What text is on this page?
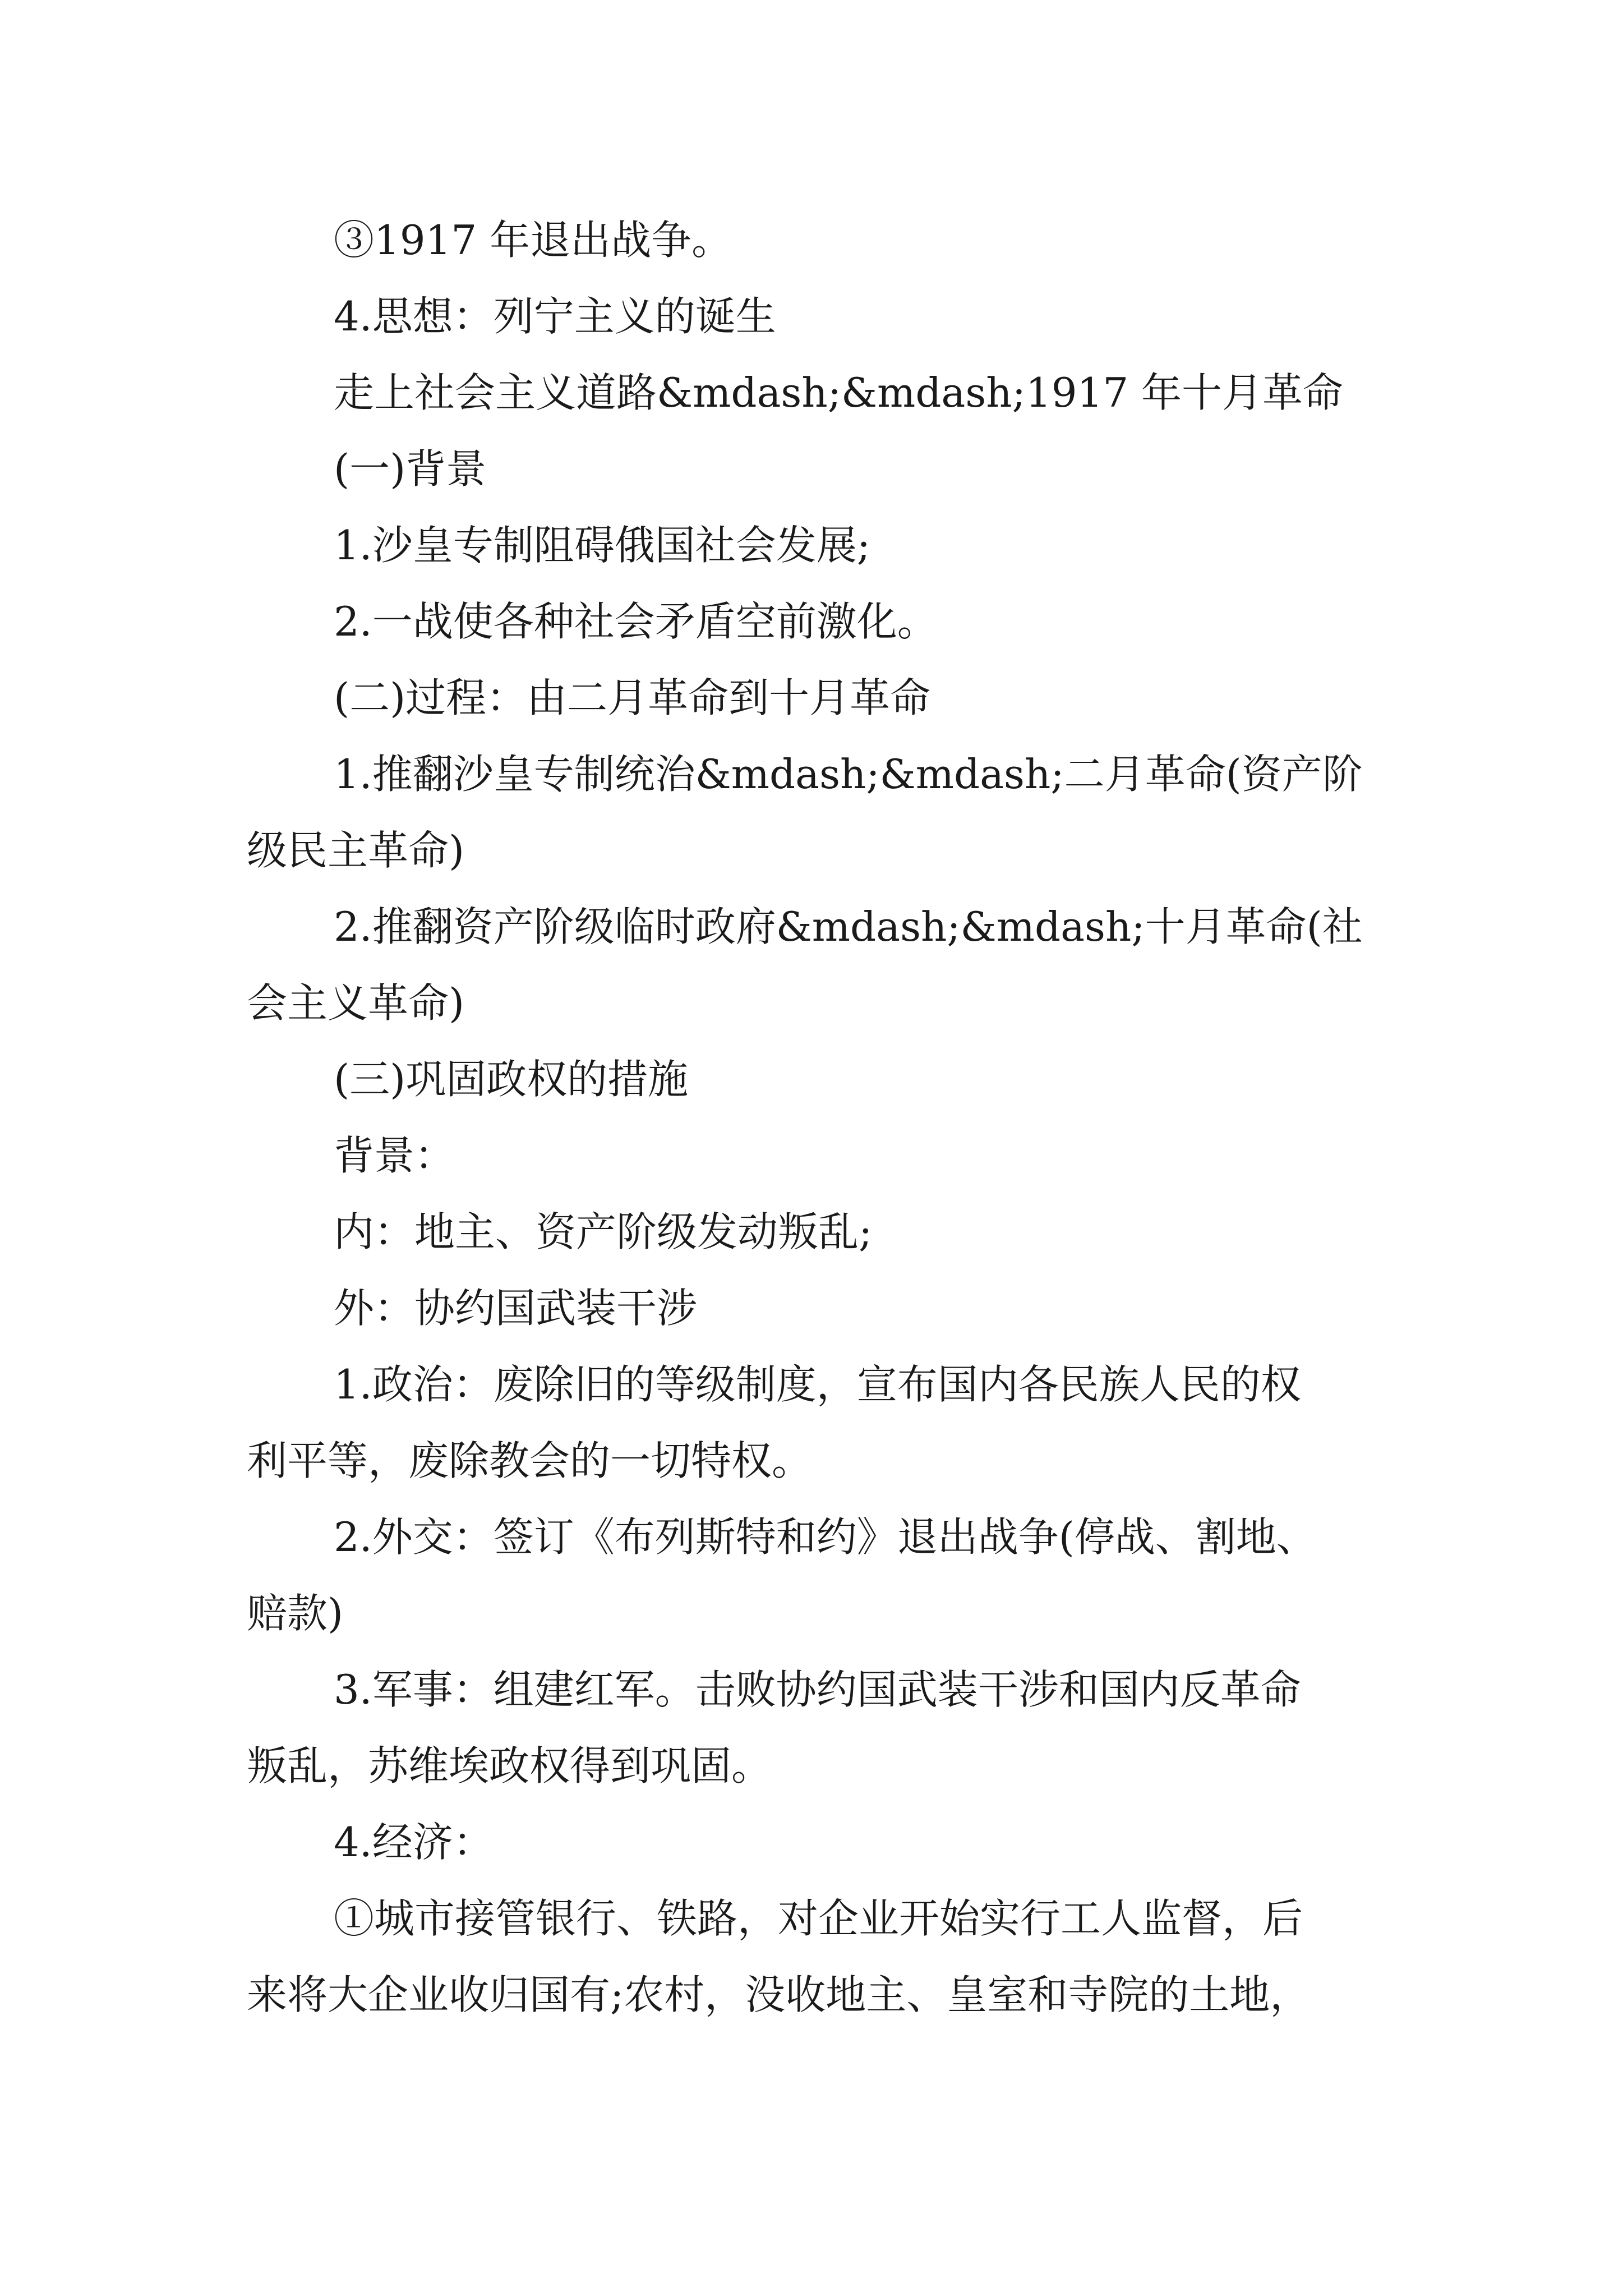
③1917 年退出战争。
4.思想：列宁主义的诞生
走上社会主义道路&mdash;&mdash;1917 年十月革命
(一)背景
1.沙皇专制阻碍俄国社会发展;
2.一战使各种社会矛盾空前激化。
(二)过程：由二月革命到十月革命
1.推翻沙皇专制统治&mdash;&mdash;二月革命(资产阶
级民主革命)
2.推翻资产阶级临时政府&mdash;&mdash;十月革命(社
会主义革命)
(三)巩固政权的措施
背景：
内：地主、资产阶级发动叛乱;
外：协约国武装干涉
1.政治：废除旧的等级制度，宣布国内各民族人民的权
利平等，废除教会的一切特权。
2.外交：签订《布列斯特和约》退出战争(停战、割地、
赔款)
3.军事：组建红军。击败协约国武装干涉和国内反革命
叛乱，苏维埃政权得到巩固。
4.经济：
①城市接管银行、铁路，对企业开始实行工人监督，后
来将大企业收归国有;农村，没收地主、皇室和寺院的土地，
